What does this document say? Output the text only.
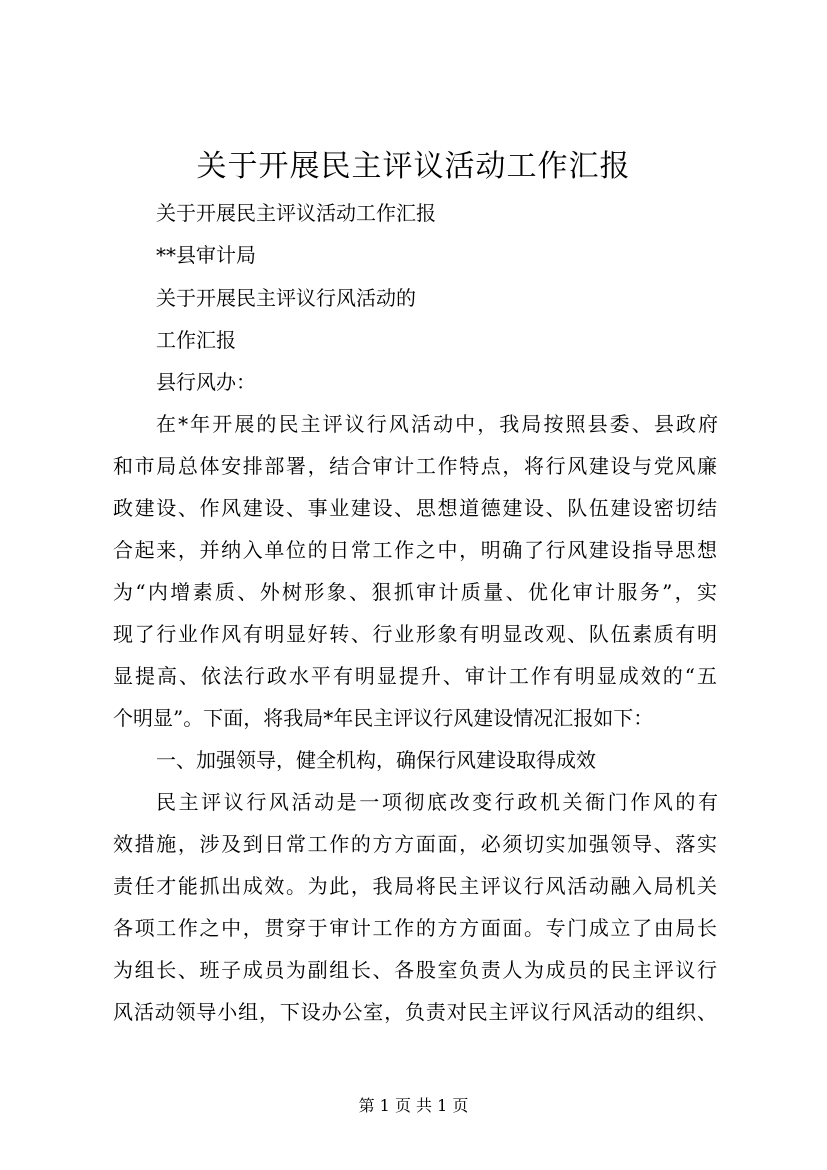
关于开展民主评议活动工作汇报
关于开展民主评议活动工作汇报
**县审计局
关于开展民主评议行风活动的
工作汇报
县行风办：
在*年开展的民主评议行风活动中，我局按照县委、县政府
和市局总体安排部署，结合审计工作特点，将行风建设与党风廉
政建设、作风建设、事业建设、思想道德建设、队伍建设密切结
合起来，并纳入单位的日常工作之中，明确了行风建设指导思想
为“内增素质、外树形象、狠抓审计质量、优化审计服务”，实
现了行业作风有明显好转、行业形象有明显改观、队伍素质有明
显提高、依法行政水平有明显提升、审计工作有明显成效的“五
个明显”。下面，将我局*年民主评议行风建设情况汇报如下：
一、加强领导，健全机构，确保行风建设取得成效
民主评议行风活动是一项彻底改变行政机关衙门作风的有
效措施，涉及到日常工作的方方面面，必须切实加强领导、落实
责任才能抓出成效。为此，我局将民主评议行风活动融入局机关
各项工作之中，贯穿于审计工作的方方面面。专门成立了由局长
为组长、班子成员为副组长、各股室负责人为成员的民主评议行
风活动领导小组，下设办公室，负责对民主评议行风活动的组织、
第 1 页 共 1 页
